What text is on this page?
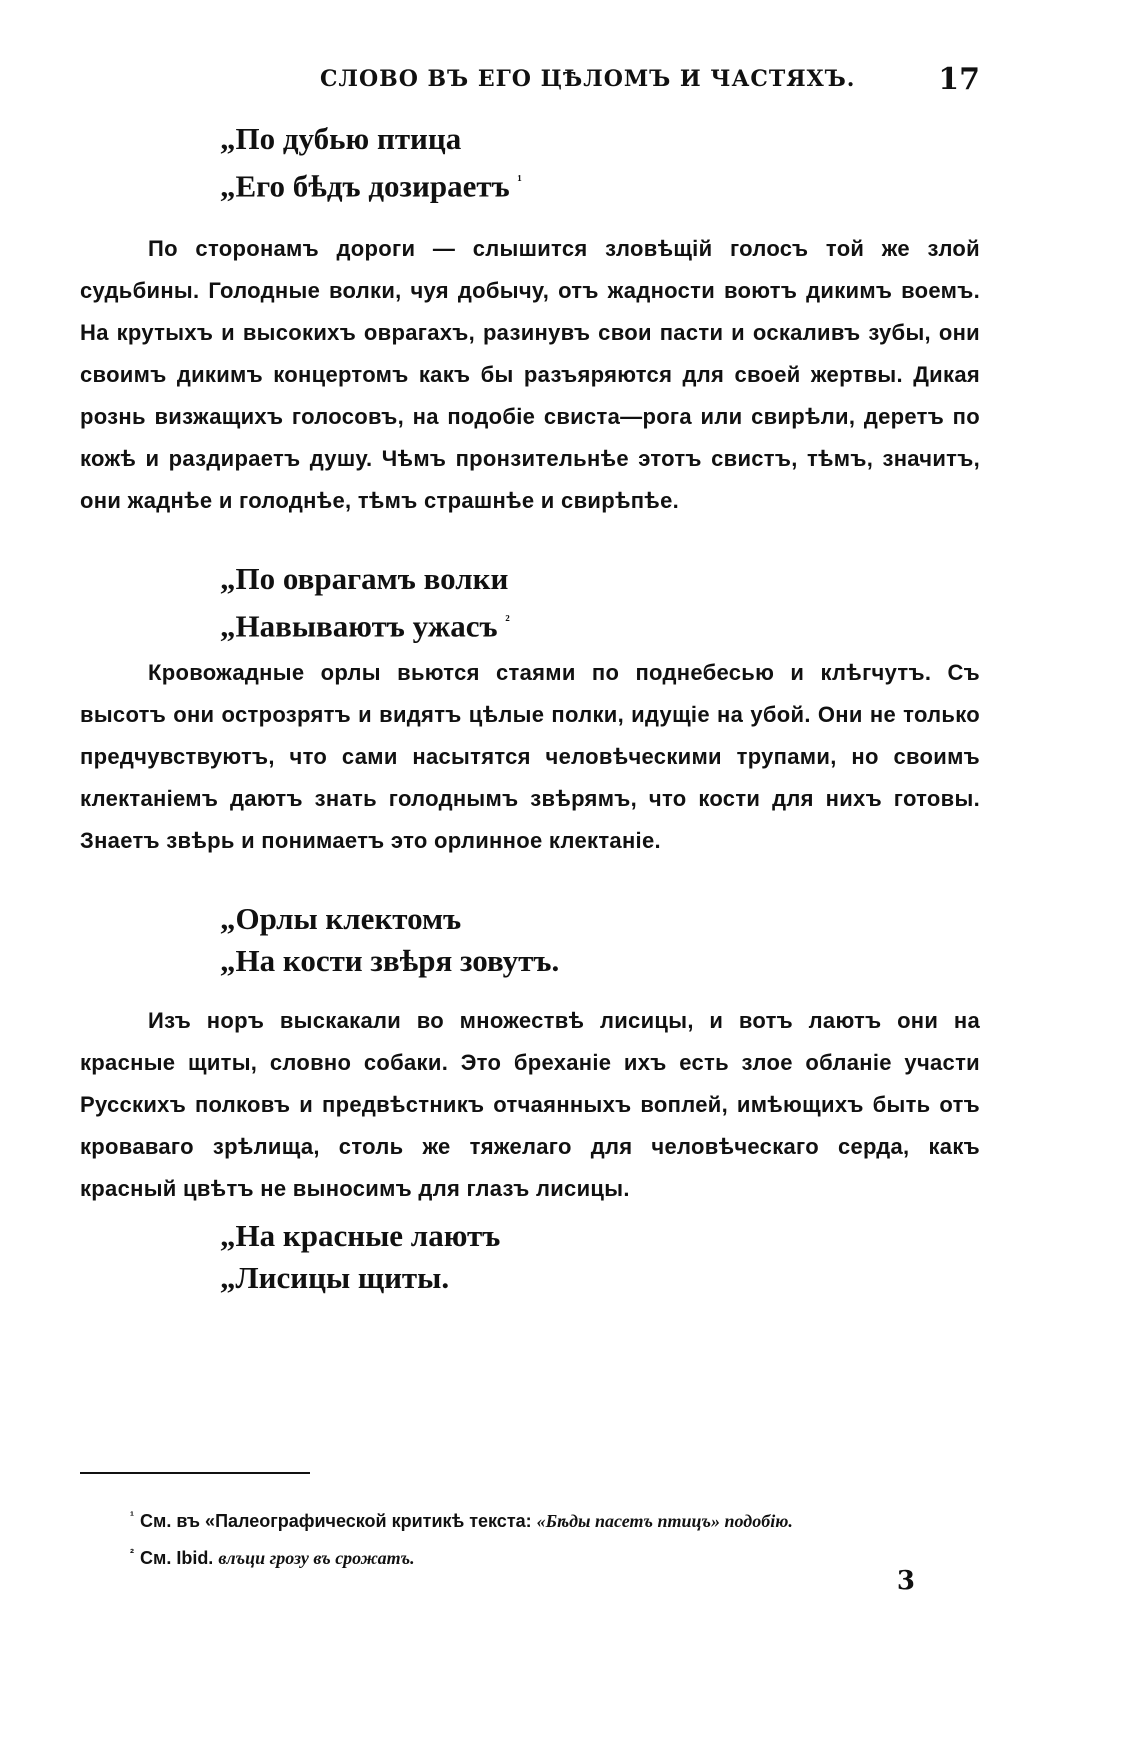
СЛОВО ВЪ ЕГО ЦѢЛОМЪ И ЧАСТЯХЪ.	17
„По дубью птица
„Его бѣдъ дозираетъ $^{^1}$
По сторонамъ дороги — слышится зловѣщій голосъ той же злой судьбины. Голодные волки, чуя добычу, отъ жадности воютъ дикимъ воемъ. На крутыхъ и высокихъ оврагахъ, разинувъ свои пасти и оскаливъ зубы, они своимъ дикимъ концертомъ какъ бы разъяряются для своей жертвы. Дикая рознь визжащихъ голосовъ, на подобіе свиста—рога или свирѣли, деретъ по кожѣ и раздираетъ душу. Чѣмъ пронзительнѣе этотъ свистъ, тѣмъ, значитъ, они жаднѣе и голоднѣе, тѣмъ страшнѣе и свирѣпѣе.
„По оврагамъ волки
„Навываютъ ужасъ $^{^2}$
Кровожадные орлы вьются стаями по поднебесью и клѣгчутъ. Съ высотъ они острозрятъ и видятъ цѣлые полки, идущіе на убой. Они не только предчувствуютъ, что сами насытятся человѣческими трупами, но своимъ клектаніемъ даютъ знать голоднымъ звѣрямъ, что кости для нихъ готовы. Знаетъ звѣрь и понимаетъ это орлинное клектаніе.
„Орлы клектомъ
„На кости звѣря зовутъ.
Изъ норъ выскакали во множествѣ лисицы, и вотъ лаютъ они на красные щиты, словно собаки. Это бреханіе ихъ есть злое обланіе участи Русскихъ полковъ и предвѣстникъ отчаянныхъ воплей, имѣющихъ быть отъ кроваваго зрѣлища, столь же тяжелаго для человѣческаго серда, какъ красный цвѣтъ не выносимъ для глазъ лисицы.
„На красные лаютъ
„Лисицы щиты.
$^{^1}$ См. въ «Палеографической критикѣ текста: «Бѣды пасетъ птицъ» подобію.
$^{^2}$ См. Ibid. влъци грозу въ срожатъ.
3
